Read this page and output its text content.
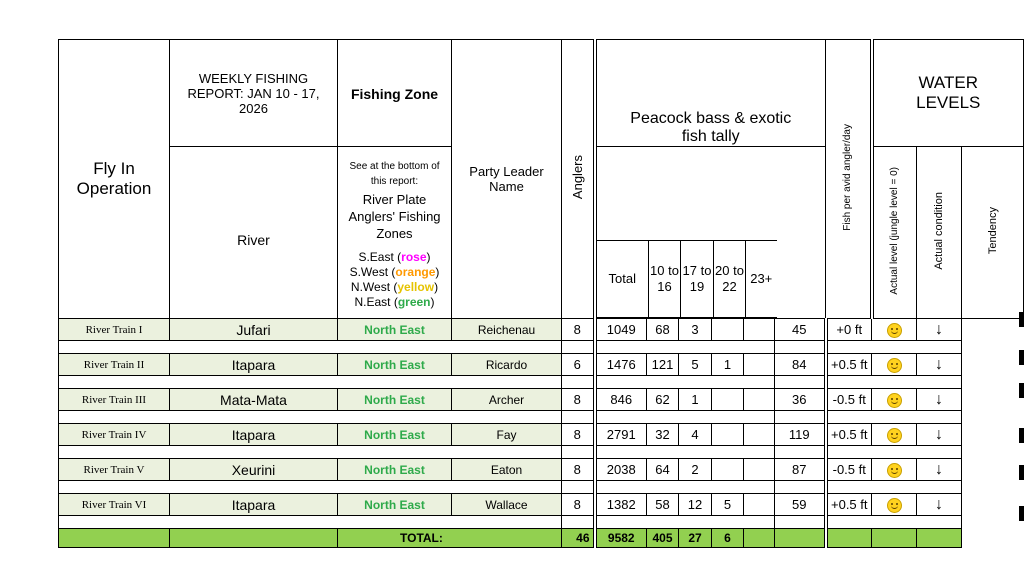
Fly In Operation	WEEKLY FISHING REPORT: JAN 10 - 17, 2026	Fishing Zone	Party Leader Name	Anglers	
Peacock bass & exotic fish tally	Fish per avid angler/day	WATER LEVELS
River	
See at the bottom of this report:
River Plate Anglers' Fishing Zones
S.East (rose)
S.West (orange)
N.West (yellow)
N.East (green)

Total	10 to 16	17 to 19	20 to 22	23+
		Actual level (jungle level = 0)	Actual condition	Tendency
River Train I	Jufari	North East	Reichenau	8	1049	68	3			45	+0 ft		↓

River Train II	Itapara	North East	Ricardo	6	1476	121	5	1		84	+0.5 ft		↓

River Train III	Mata-Mata	North East	Archer	8	846	62	1			36	-0.5 ft		↓

River Train IV	Itapara	North East	Fay	8	2791	32	4			119	+0.5 ft		↓

River Train V	Xeurini	North East	Eaton	8	2038	64	2			87	-0.5 ft		↓

River Train VI	Itapara	North East	Wallace	8	1382	58	12	5		59	+0.5 ft		↓

		TOTAL:	46	9582	405	27	6					
